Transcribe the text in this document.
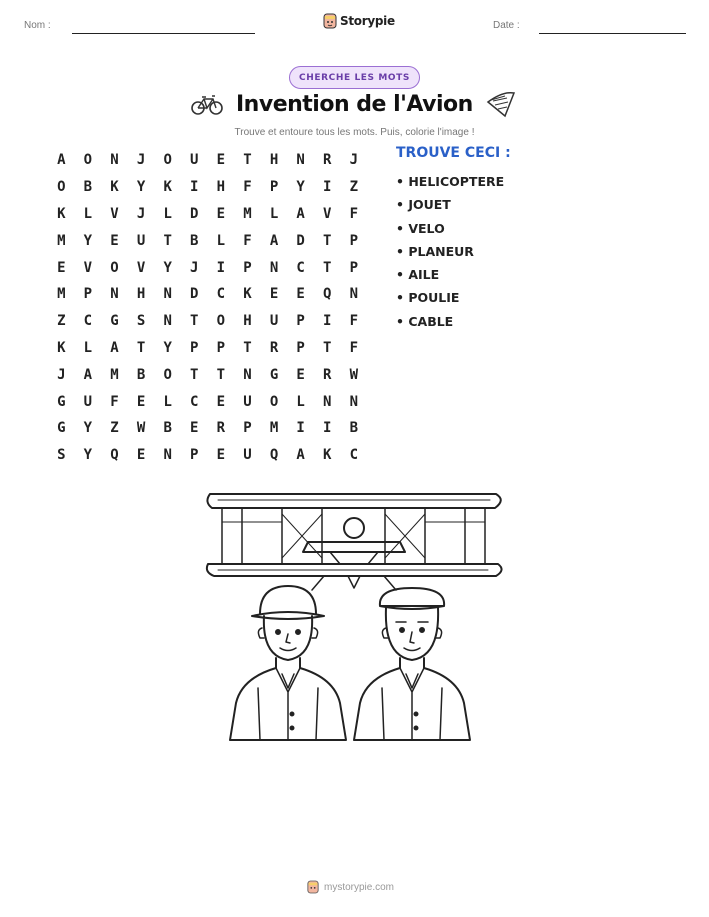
Nom :	Storypie	Date :
CHERCHE LES MOTS
Invention de l'Avion
Trouve et entoure tous les mots. Puis, colorie l'image !
A	O	N	J	O	U	E	T	H	N	R	J
O	B	K	Y	K	I	H	F	P	Y	I	Z
K	L	V	J	L	D	E	M	L	A	V	F
M	Y	E	U	T	B	L	F	A	D	T	P
E	V	O	V	Y	J	I	P	N	C	T	P
M	P	N	H	N	D	C	K	E	E	Q	N
Z	C	G	S	N	T	O	H	U	P	I	F
K	L	A	T	Y	P	P	T	R	P	T	F
J	A	M	B	O	T	T	N	G	E	R	W
G	U	F	E	L	C	E	U	O	L	N	N
G	Y	Z	W	B	E	R	P	M	I	I	B
S	Y	Q	E	N	P	E	U	Q	A	K	C
TROUVE CECI :
• HELICOPTERE
• JOUET
• VELO
• PLANEUR
• AILE
• POULIE
• CABLE
mystorypie.com
